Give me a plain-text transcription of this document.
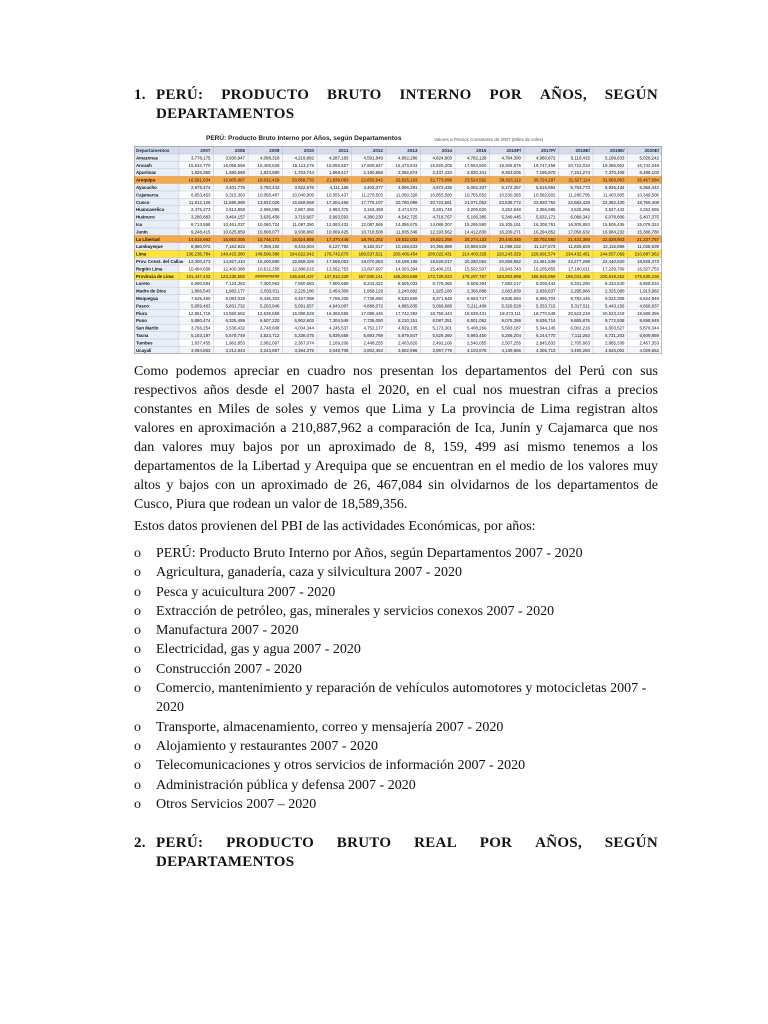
1. PERÚ: PRODUCTO BRUTO INTERNO POR AÑOS, SEGÚN
DEPARTAMENTOS
PERÚ: Producto Bruto Interno por Años, según Departamentos	Valores a Precios Constantes de 2007 (Miles de soles)
Departamentos	2007	2008	2009	2010	2011	2012	2013	2014	2015	2016P/	2017P/	2018E/	2019E/	2020E/
Amazonas	3,778,175	3,930,947	4,098,318	4,219,882	4,287,183	4,591,849	4,682,286	4,824,603	4,782,128	4,784,390	4,960,872	5,118,415	5,189,633	5,026,242
Ancash	15,632,770	16,056,568	15,408,628	15,113,275	15,055,667	17,608,947	16,473,843	15,820,205	17,504,820	18,305,876	19,747,458	20,722,034	19,385,902	16,742,048
Apurímac	1,826,360	1,680,568	1,823,880	1,703,744	1,869,417	2,190,868	2,362,874	2,437,434	2,830,341	8,363,005	7,195,970	7,151,274	7,370,408	6,489,103
Arequipa	16,591,634	16,905,867	18,032,429	20,858,733	21,838,083	22,655,942	22,625,103	22,773,098	23,524,592	29,625,112	30,724,297	31,527,114	31,668,063	26,467,084
Ayacucho	2,975,474	3,401,775	3,750,443	3,922,576	4,111,165	4,402,377	4,906,291	4,873,436	5,002,337	5,172,357	5,615,894	5,793,773	5,926,434	5,366,442
Cajamarca	8,653,453	9,315,363	10,058,487	10,040,905	10,555,437	11,270,503	11,060,328	10,855,580	10,755,652	10,530,365	10,592,602	11,280,795	11,463,805	10,349,506
Cusco	11,912,125	11,865,888	13,832,026	15,659,658	17,304,466	17,775,107	20,780,099	20,723,581	21,071,062	23,538,772	23,820,752	22,682,428	22,382,430	18,769,408
Huancavelica	2,475,273	2,613,858	2,696,095	2,867,356	2,993,375	3,163,458	3,474,572	3,281,748	3,205,620	3,262,948	3,356,585	3,525,266	3,527,442	3,252,655
Huánuco	3,280,883	3,464,157	3,635,458	3,719,667	3,993,593	4,380,230	4,542,725	4,718,767	5,106,385	5,349,445	5,632,171	6,089,342	6,078,806	5,407,375
Ica	8,713,558	10,461,037	10,060,724	11,087,350	12,083,432	12,087,565	14,356,675	14,089,307	15,295,580	15,105,151	16,308,761	16,305,853	15,505,436	15,079,324
Junín	9,248,415	10,625,859	10,808,077	9,938,860	10,069,425	10,718,508	11,835,346	12,193,562	14,412,830	16,209,271	16,294,852	17,058,632	16,984,232	15,388,780
La Libertad	14,615,663	15,653,006	15,745,171	16,624,855	17,370,446	18,761,252	19,532,033	19,821,258	20,274,133	20,440,345	20,702,550	21,431,393	22,029,903	21,237,757
Lambayeque	8,860,072	7,162,922	7,308,192	8,443,004	8,127,792	9,182,017	10,168,533	10,356,888	10,869,529	11,088,152	11,127,673	11,825,829	12,116,889	11,028,539
Lima	136,236,784 148,415,380 149,598,386 164,622,042 176,742,670 189,537,521 200,406,454 208,022,431 214,403,326 220,243,329 226,691,574 234,432,451 244,557,069 210,887,962
Prov. Const. del Callao 13,300,473	14,927,410	15,200,880	15,869,326	17,569,063	18,070,083	18,198,189	18,528,017	20,280,052	20,859,852	21,461,539	22,277,298	22,440,820	18,928,373
Región Lima	10,494,658	12,400,388	10,612,258	12,388,615	13,562,753	13,697,697	14,303,394	15,406,151	15,502,507	15,943,743	16,205,855	17,180,011	17,239,709	16,327,753
Provincia de Lima	131,447,422 123,235,582 ########## 136,634,437 147,810,328 157,830,141 168,204,668 172,729,023 178,297,767 183,803,998 186,925,859 195,023,455 200,819,252 175,839,236
Loreto	6,590,584	7,124,362	7,300,963	7,660,683	7,800,669	8,242,422	8,505,033	8,779,365	8,508,394	7,882,217	8,008,444	8,331,280	8,334,540	6,858,534
Madre de Dios	1,866,543	1,982,177	2,033,611	2,229,180	2,454,309	1,958,129	2,240,882	1,925,180	2,366,888	2,663,839	2,839,637	2,295,966	2,325,080	1,913,982
Moquegua	7,525,480	8,083,019	8,436,303	8,457,088	7,785,209	7,738,060	8,530,869	8,371,948	8,693,747	8,835,594	8,696,704	8,782,445	9,022,308	8,624,948
Pasco	5,659,463	5,831,732	5,203,946	5,091,657	4,943,087	4,888,072	4,885,835	5,066,688	5,211,408	5,329,528	5,333,715	5,317,511	5,443,156	4,668,837
Piura	12,851,718	13,550,582	13,538,659	15,088,528	16,366,559	17,099,446	17,742,382	18,759,443	18,639,431	18,473,111	18,770,549	20,523,218	20,523,218	18,589,356
Puno	5,880,474	6,325,459	6,507,220	6,902,603	7,304,549	7,735,050	8,210,151	8,087,351	8,501,062	9,075,359	9,636,714	9,865,876	9,772,938	8,698,949
San Martín	3,766,254	3,536,432	3,748,608	4,034,344	4,245,537	4,752,177	4,829,135	5,173,301	5,408,266	5,583,187	5,344,145	6,002,216	6,003,527	5,876,344
Tacna	5,163,197	5,578,749	4,823,712	5,338,075	5,839,559	5,893,769	5,879,847	5,529,360	5,993,450	6,286,204	6,244,770	7,111,263	6,731,203	6,509,859
Tumbes	1,837,455	1,962,853	2,082,097	2,367,074	2,169,206	2,448,255	2,403,826	2,492,106	2,540,055	2,507,255	2,845,833	2,705,663	2,885,339	2,467,353
Ucayali	3,094,853	3,212,843	3,243,857	3,394,375	3,048,708	3,802,453	3,902,696	3,957,779	4,103,678	4,139,865	4,305,710	4,490,283	4,625,002	4,029,552

Como podemos apreciar en cuadro nos presentan los departamentos del Perú con sus respectivos años desde el 2007 hasta el 2020, en el cual nos muestran cifras a precios constantes en Miles de soles y vemos que Lima y La provincia de Lima registran altos valores en aproximación a 210,887,962 a comparación de Ica, Junín y Cajamarca que nos dan valores muy bajos por un aproximado de 8, 159, 499 asi mismo tenemos a los departamentos de la Libertad y Arequipa que se encuentran en el medio de los valores muy altos y bajos con un aproximado de 26, 467,084 sin olvidarnos de los departamentos de Cusco, Piura que rodean un valor de 18,589,356.

Estos datos provienen del PBI de las actividades Económicas, por años:

o PERÚ: Producto Bruto Interno por Años, según Departamentos 2007 - 2020
o Agricultura, ganadería, caza y silvicultura 2007 - 2020
o Pesca y acuicultura 2007 - 2020
o Extracción de petróleo, gas, minerales y servicios conexos 2007 - 2020
o Manufactura 2007 - 2020
o Electricidad, gas y agua 2007 - 2020
o Construcción 2007 - 2020
o Comercio, mantenimiento y reparación de vehículos automotores y motocicletas 2007 - 2020
o Transporte, almacenamiento, correo y mensajería 2007 - 2020
o Alojamiento y restaurantes 2007 - 2020
o Telecomunicaciones y otros servicios de información 2007 - 2020
o Administración pública y defensa 2007 - 2020
o Otros Servicios 2007 – 2020
2. PERÚ: PRODUCTO BRUTO REAL POR AÑOS, SEGÚN
DEPARTAMENTOS
